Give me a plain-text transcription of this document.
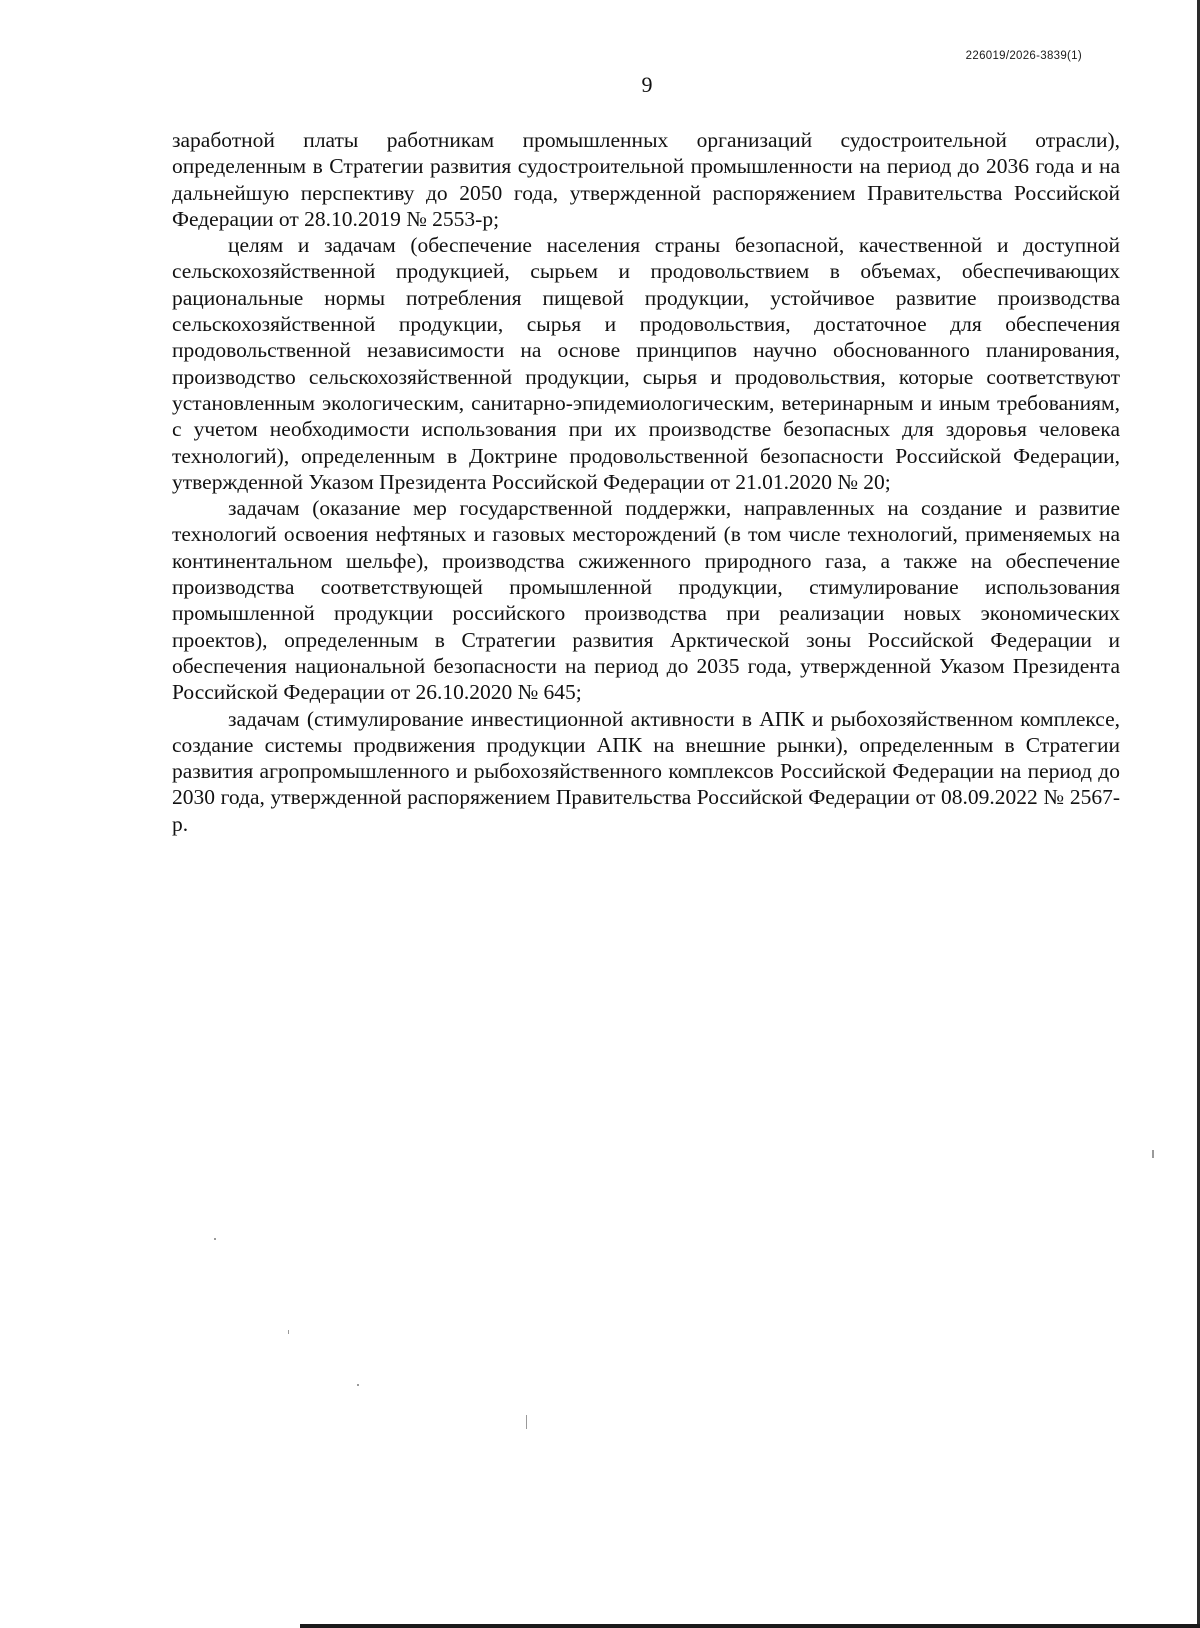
226019/2026-3839(1)
9

заработной платы работникам промышленных организаций судостроительной отрасли), определенным в Стратегии развития судостроительной промышленности на период до 2036 года и на дальнейшую перспективу до 2050 года, утвержденной распоряжением Правительства Российской Федерации от 28.10.2019 № 2553-р;

целям и задачам (обеспечение населения страны безопасной, качественной и доступной сельскохозяйственной продукцией, сырьем и продовольствием в объемах, обеспечивающих рациональные нормы потребления пищевой продукции, устойчивое развитие производства сельскохозяйственной продукции, сырья и продовольствия, достаточное для обеспечения продовольственной независимости на основе принципов научно обоснованного планирования, производство сельскохозяйственной продукции, сырья и продовольствия, которые соответствуют установленным экологическим, санитарно-эпидемиологическим, ветеринарным и иным требованиям, с учетом необходимости использования при их производстве безопасных для здоровья человека технологий), определенным в Доктрине продовольственной безопасности Российской Федерации, утвержденной Указом Президента Российской Федерации от 21.01.2020 № 20;

задачам (оказание мер государственной поддержки, направленных на создание и развитие технологий освоения нефтяных и газовых месторождений (в том числе технологий, применяемых на континентальном шельфе), производства сжиженного природного газа, а также на обеспечение производства соответствующей промышленной продукции, стимулирование использования промышленной продукции российского производства при реализации новых экономических проектов), определенным в Стратегии развития Арктической зоны Российской Федерации и обеспечения национальной безопасности на период до 2035 года, утвержденной Указом Президента Российской Федерации от 26.10.2020 № 645;

задачам (стимулирование инвестиционной активности в АПК и рыбохозяйственном комплексе, создание системы продвижения продукции АПК на внешние рынки), определенным в Стратегии развития агропромышленного и рыбохозяйственного комплексов Российской Федерации на период до 2030 года, утвержденной распоряжением Правительства Российской Федерации от 08.09.2022 № 2567-р.
